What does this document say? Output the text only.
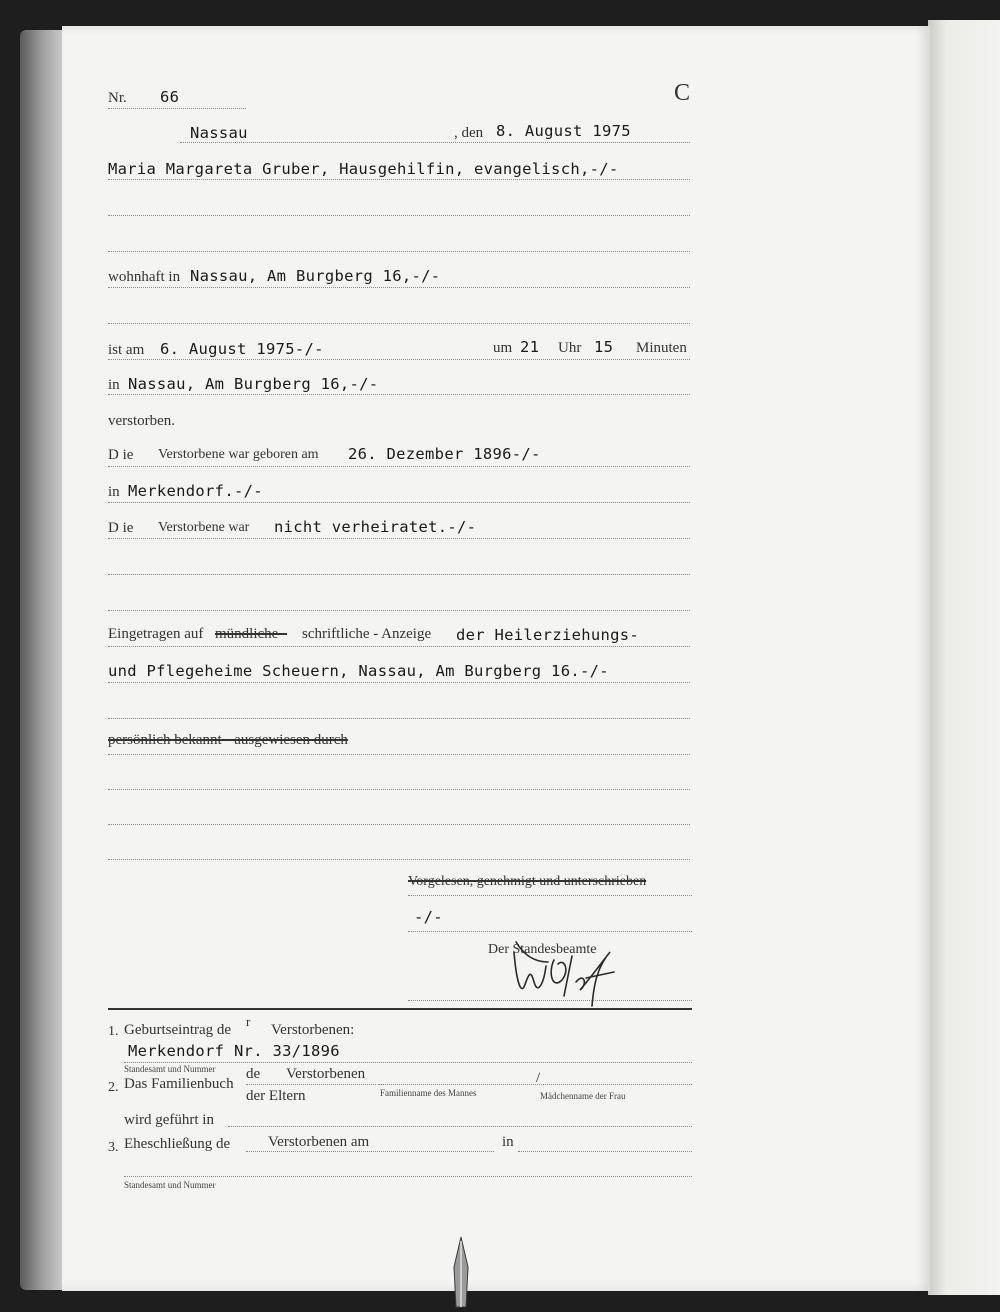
Nr. 66	C
Nassau	, den 8. August 1975
Maria Margareta Gruber, Hausgehilfin, evangelisch,-/-
wohnhaft in Nassau, Am Burgberg 16,-/-
ist am 6. August 1975-/-	um 21 Uhr 15 Minuten
in Nassau, Am Burgberg 16,-/-
verstorben.
D ie Verstorbene war geboren am 26. Dezember 1896-/-
in Merkendorf.-/-
D ie Verstorbene war nicht verheiratet.-/-
Eingetragen auf mündliche - schriftliche - Anzeige der Heilerziehungs-
und Pflegeheime Scheuern, Nassau, Am Burgberg 16.-/-
persönlich bekannt - ausgewiesen durch
Vorgelesen, genehmigt und unterschrieben
-/-
Der Standesbeamte
1. Geburtseintrag de
r
Verstorbenen:
Merkendorf Nr. 33/1896
Standesamt und Nummer
2. Das Familienbuch
de Verstorbenen
der Eltern	Familienname des Mannes
/
Mädchenname der Frau
wird geführt in
3. Eheschließung de	Verstorbenen am	in
Standesamt und Nummer
